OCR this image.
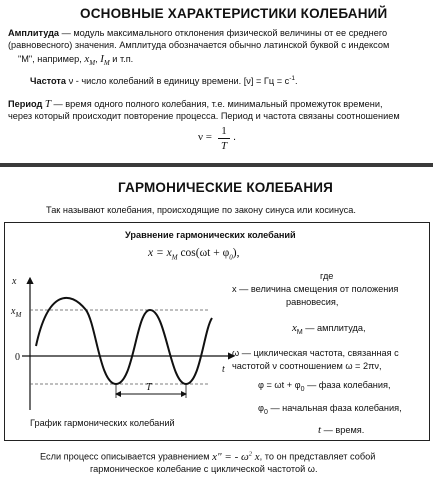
ОСНОВНЫЕ ХАРАКТЕРИСТИКИ КОЛЕБАНИЙ
Амплитуда — модуль максимального отклонения физической величины от ее среднего
(равновесного) значения. Амплитуда обозначается обычно латинской буквой с индексом
"М", например, $x_M$, $I_M$ и т.п.
Частота ν - число колебаний в единицу времени. [ν] = Гц = $с^{-1}$.
Период T — время одного полного колебания, т.е. минимальный промежуток времени,
через который происходит повторение процесса. Период и частота связаны соотношением
ν = 1
T
.
ГАРМОНИЧЕСКИЕ КОЛЕБАНИЯ
Так называют колебания, происходящие по закону синуса или косинуса.
Уравнение гармонических колебаний
$x = x_M$ $\cos(\omega t + \varphi_0)$,
x
t
$x_M$
0
T
График гармонических колебаний
где
x — величина смещения от положения
равновесия,
$x_M$ — амплитуда,
ω — циклическая частота, связанная с
частотой ν соотношением ω = 2πν,
$\varphi = \omega t + \varphi_0$ — фаза колебания,
$\varphi_0$ — начальная фаза колебания,
t — время.
Если процесс описывается уравнением x" = - $\omega^2$ x, то он представляет собой
гармоническое колебание с циклической частотой ω.
